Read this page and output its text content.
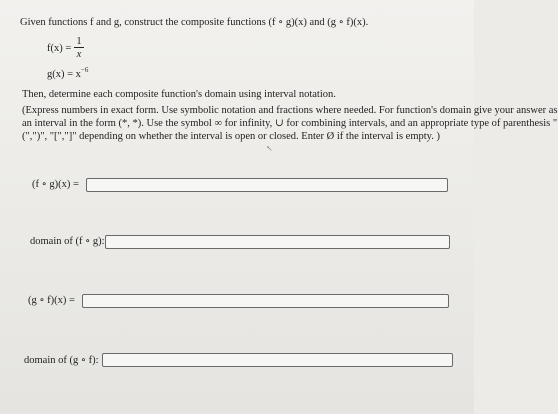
Given functions f and g, construct the composite functions (f ∘ g)(x) and (g ∘ f)(x).
f(x) =
1
x
$g(x) = x^{-6}$
Then, determine each composite function's domain using interval notation.

(Express numbers in exact form. Use symbolic notation and fractions where needed. For function's domain give your answer as

an interval in the form (*, *). Use the symbol ∞ for infinity, ∪ for combining intervals, and an appropriate type of parenthesis "

(",")", "[","]" depending on whether the interval is open or closed. Enter Ø if the interval is empty. )

↖
(f ∘ g)(x) =
domain of (f ∘ g):
(g ∘ f)(x) =
domain of (g ∘ f):
